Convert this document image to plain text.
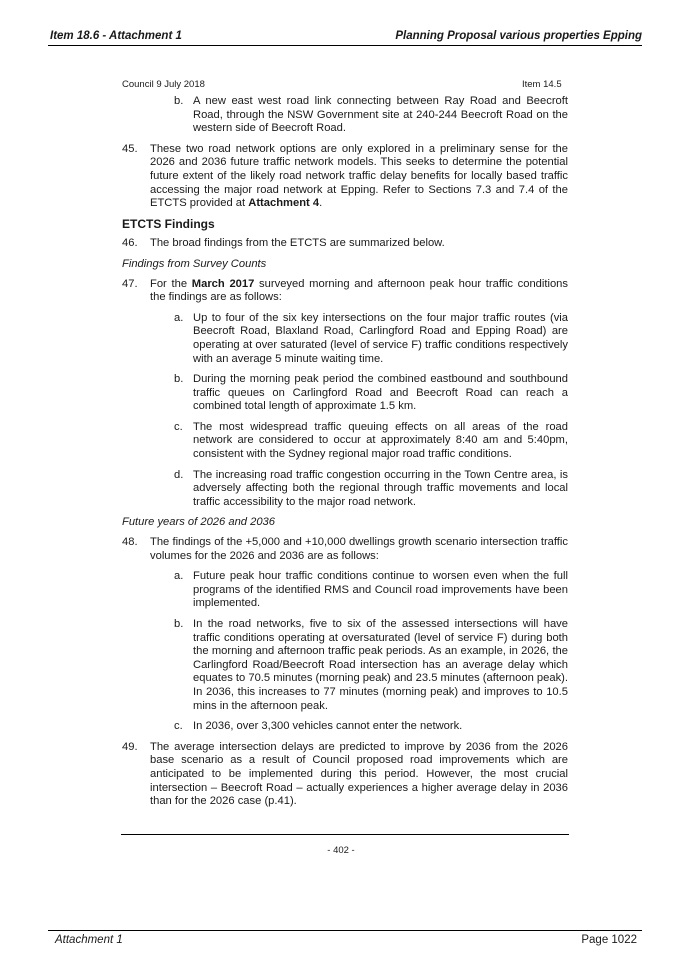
Item 18.6 - Attachment 1	Planning Proposal various properties Epping
Council 9 July 2018	Item 14.5
b. A new east west road link connecting between Ray Road and Beecroft Road, through the NSW Government site at 240-244 Beecroft Road on the western side of Beecroft Road.
45. These two road network options are only explored in a preliminary sense for the 2026 and 2036 future traffic network models. This seeks to determine the potential future extent of the likely road network traffic delay benefits for locally based traffic accessing the major road network at Epping. Refer to Sections 7.3 and 7.4 of the ETCTS provided at Attachment 4.
ETCTS Findings
46. The broad findings from the ETCTS are summarized below.
Findings from Survey Counts
47. For the March 2017 surveyed morning and afternoon peak hour traffic conditions the findings are as follows:
a. Up to four of the six key intersections on the four major traffic routes (via Beecroft Road, Blaxland Road, Carlingford Road and Epping Road) are operating at over saturated (level of service F) traffic conditions respectively with an average 5 minute waiting time.
b. During the morning peak period the combined eastbound and southbound traffic queues on Carlingford Road and Beecroft Road can reach a combined total length of approximate 1.5 km.
c. The most widespread traffic queuing effects on all areas of the road network are considered to occur at approximately 8:40 am and 5:40pm, consistent with the Sydney regional major road traffic conditions.
d. The increasing road traffic congestion occurring in the Town Centre area, is adversely affecting both the regional through traffic movements and local traffic accessibility to the major road network.
Future years of 2026 and 2036
48. The findings of the +5,000 and +10,000 dwellings growth scenario intersection traffic volumes for the 2026 and 2036 are as follows:
a. Future peak hour traffic conditions continue to worsen even when the full programs of the identified RMS and Council road improvements have been implemented.
b. In the road networks, five to six of the assessed intersections will have traffic conditions operating at oversaturated (level of service F) during both the morning and afternoon traffic peak periods. As an example, in 2026, the Carlingford Road/Beecroft Road intersection has an average delay which equates to 70.5 minutes (morning peak) and 23.5 minutes (afternoon peak). In 2036, this increases to 77 minutes (morning peak) and improves to 10.5 mins in the afternoon peak.
c. In 2036, over 3,300 vehicles cannot enter the network.
49. The average intersection delays are predicted to improve by 2036 from the 2026 base scenario as a result of Council proposed road improvements which are anticipated to be implemented during this period. However, the most crucial intersection – Beecroft Road – actually experiences a higher average delay in 2036 than for the 2026 case (p.41).
- 402 -
Attachment 1	Page 1022
